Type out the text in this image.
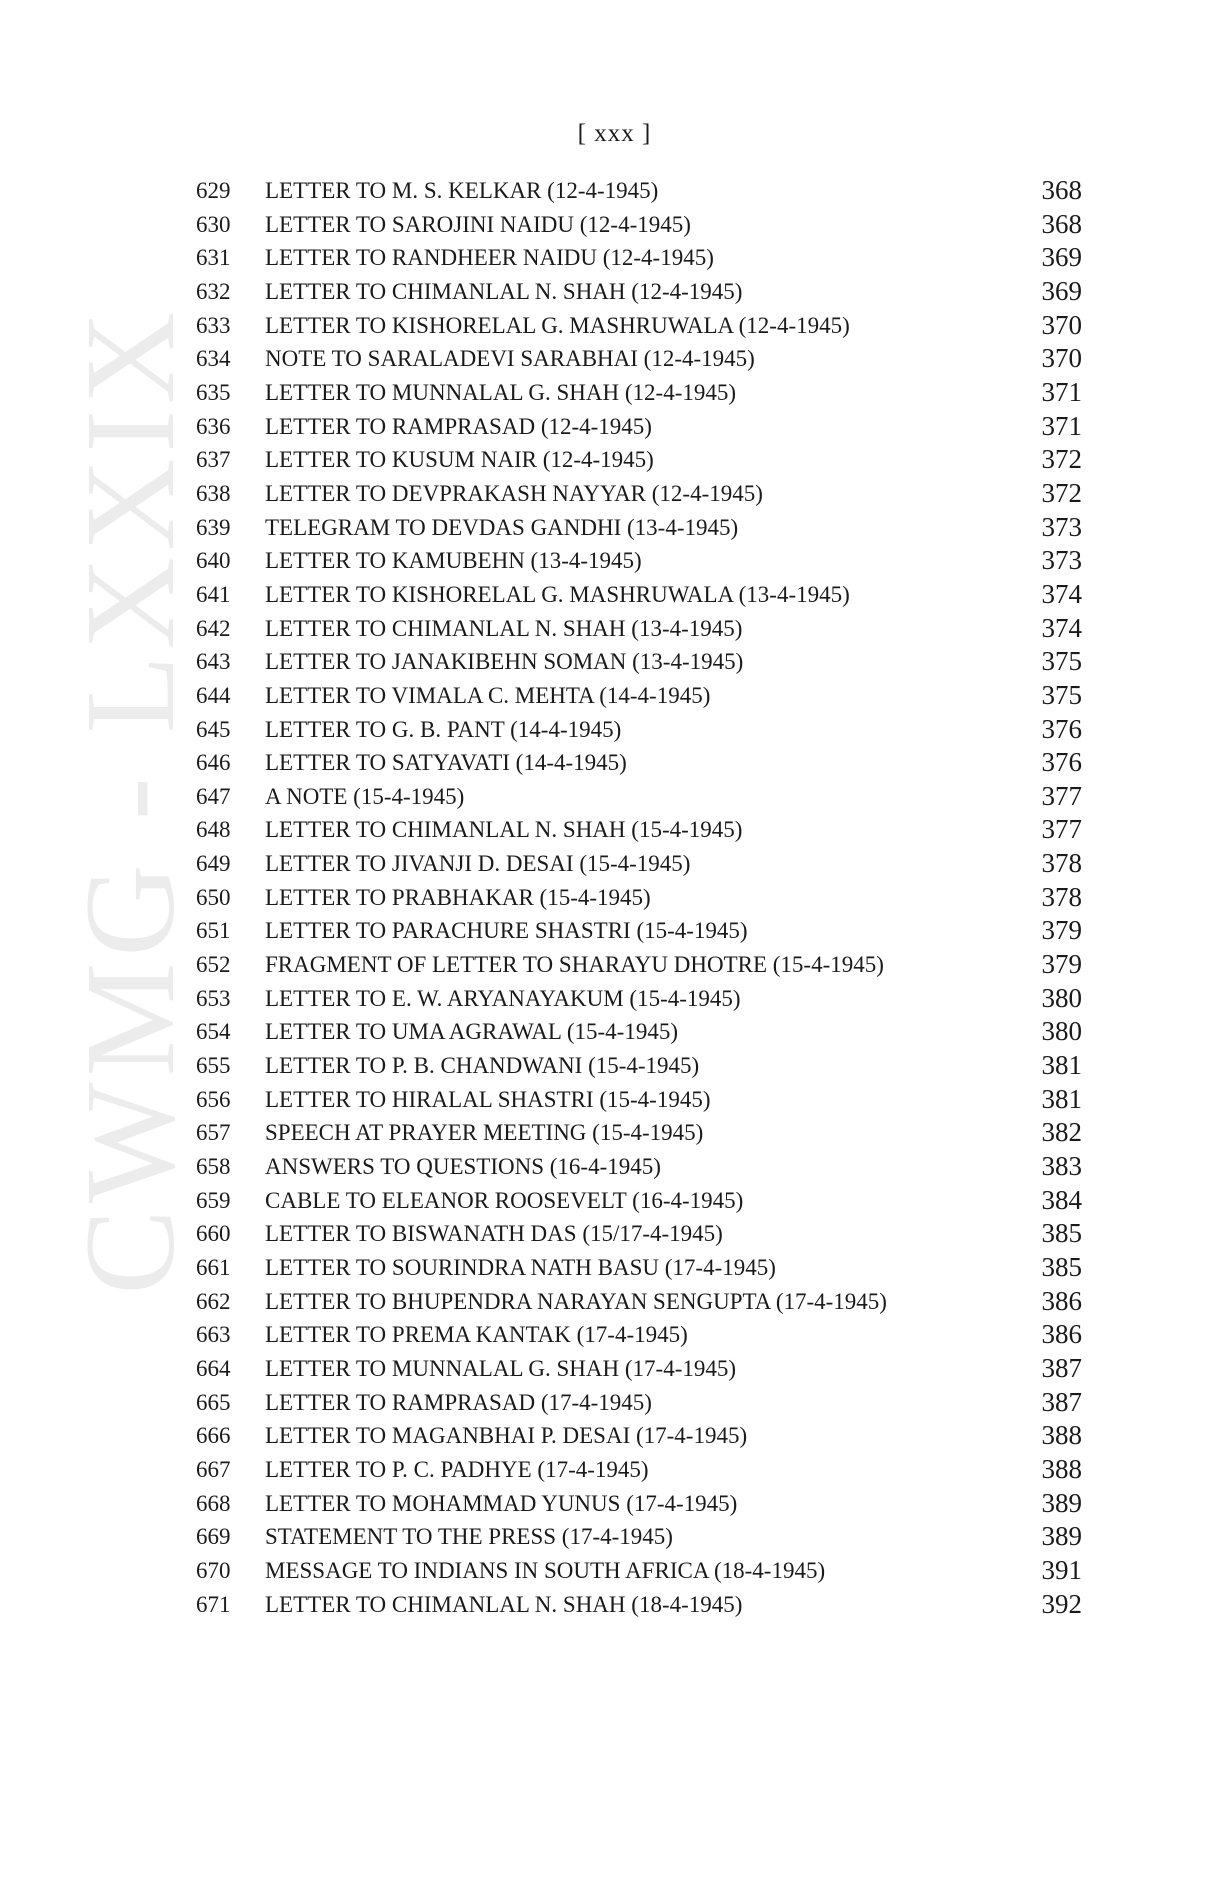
CWMG - LXXIX
[ xxx ]
629 LETTER TO M. S. KELKAR (12-4-1945)	368
630 LETTER TO SAROJINI NAIDU (12-4-1945)	368
631 LETTER TO RANDHEER NAIDU (12-4-1945)	369
632 LETTER TO CHIMANLAL N. SHAH (12-4-1945)	369
633 LETTER TO KISHORELAL G. MASHRUWALA (12-4-1945)	370
634 NOTE TO SARALADEVI SARABHAI (12-4-1945)	370
635 LETTER TO MUNNALAL G. SHAH (12-4-1945)	371
636 LETTER TO RAMPRASAD (12-4-1945)	371
637 LETTER TO KUSUM NAIR (12-4-1945)	372
638 LETTER TO DEVPRAKASH NAYYAR (12-4-1945)	372
639 TELEGRAM TO DEVDAS GANDHI (13-4-1945)	373
640 LETTER TO KAMUBEHN (13-4-1945)	373
641 LETTER TO KISHORELAL G. MASHRUWALA (13-4-1945)	374
642 LETTER TO CHIMANLAL N. SHAH (13-4-1945)	374
643 LETTER TO JANAKIBEHN SOMAN (13-4-1945)	375
644 LETTER TO VIMALA C. MEHTA (14-4-1945)	375
645 LETTER TO G. B. PANT (14-4-1945)	376
646 LETTER TO SATYAVATI (14-4-1945)	376
647 A NOTE (15-4-1945)	377
648 LETTER TO CHIMANLAL N. SHAH (15-4-1945)	377
649 LETTER TO JIVANJI D. DESAI (15-4-1945)	378
650 LETTER TO PRABHAKAR (15-4-1945)	378
651 LETTER TO PARACHURE SHASTRI (15-4-1945)	379
652 FRAGMENT OF LETTER TO SHARAYU DHOTRE (15-4-1945)	379
653 LETTER TO E. W. ARYANAYAKUM (15-4-1945)	380
654 LETTER TO UMA AGRAWAL (15-4-1945)	380
655 LETTER TO P. B. CHANDWANI (15-4-1945)	381
656 LETTER TO HIRALAL SHASTRI (15-4-1945)	381
657 SPEECH AT PRAYER MEETING (15-4-1945)	382
658 ANSWERS TO QUESTIONS (16-4-1945)	383
659 CABLE TO ELEANOR ROOSEVELT (16-4-1945)	384
660 LETTER TO BISWANATH DAS (15/17-4-1945)	385
661 LETTER TO SOURINDRA NATH BASU (17-4-1945)	385
662 LETTER TO BHUPENDRA NARAYAN SENGUPTA (17-4-1945)	386
663 LETTER TO PREMA KANTAK (17-4-1945)	386
664 LETTER TO MUNNALAL G. SHAH (17-4-1945)	387
665 LETTER TO RAMPRASAD (17-4-1945)	387
666 LETTER TO MAGANBHAI P. DESAI (17-4-1945)	388
667 LETTER TO P. C. PADHYE (17-4-1945)	388
668 LETTER TO MOHAMMAD YUNUS (17-4-1945)	389
669 STATEMENT TO THE PRESS (17-4-1945)	389
670 MESSAGE TO INDIANS IN SOUTH AFRICA (18-4-1945)	391
671 LETTER TO CHIMANLAL N. SHAH (18-4-1945)	392
